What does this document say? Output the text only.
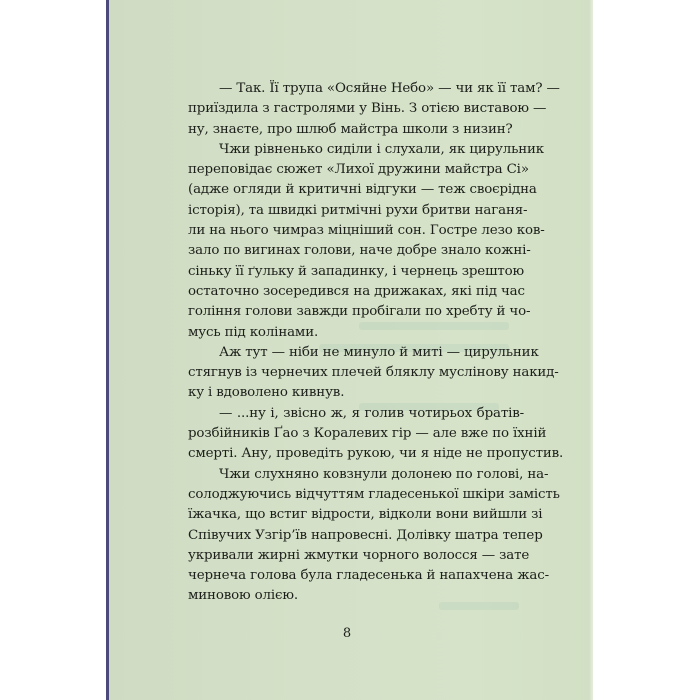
— Так. Її трупа «Осяйне Небо» — чи як її там? —
приїздила з гастролями у Вінь. З отією виставою —
ну, знаєте, про шлюб майстра школи з низин?
Чжи рівненько сиділи і слухали, як цирульник
переповідає сюжет «Лихої дружини майстра Сі»
(адже огляди й критичні відгуки — теж своєрідна
історія), та швидкі ритмічні рухи бритви наганя-
ли на нього чимраз міцніший сон. Гостре лезо ков-
зало по вигинах голови, наче добре знало кожні-
сіньку її ґульку й западинку, і чернець зрештою
остаточно зосередився на дрижаках, які під час
гоління голови завжди пробігали по хребту й чо-
мусь під колінами.
Аж тут — ніби не минуло й миті — цирульник
стягнув із чернечих плечей бляклу муслінову накид-
ку і вдоволено кивнув.
— ...ну і, звісно ж, я голив чотирьох братів-
розбійників Ґао з Коралевих гір — але вже по їхній
смерті. Ану, проведіть рукою, чи я ніде не пропустив.
Чжи слухняно ковзнули долонею по голові, на-
солоджуючись відчуттям гладесенької шкіри замість
їжачка, що встиг відрости, відколи вони вийшли зі
Співучих Узгір’їв напровесні. Долівку шатра тепер
укривали жирні жмутки чорного волосся — зате
чернеча голова була гладесенька й напахчена жас-
миновою олією.
8
